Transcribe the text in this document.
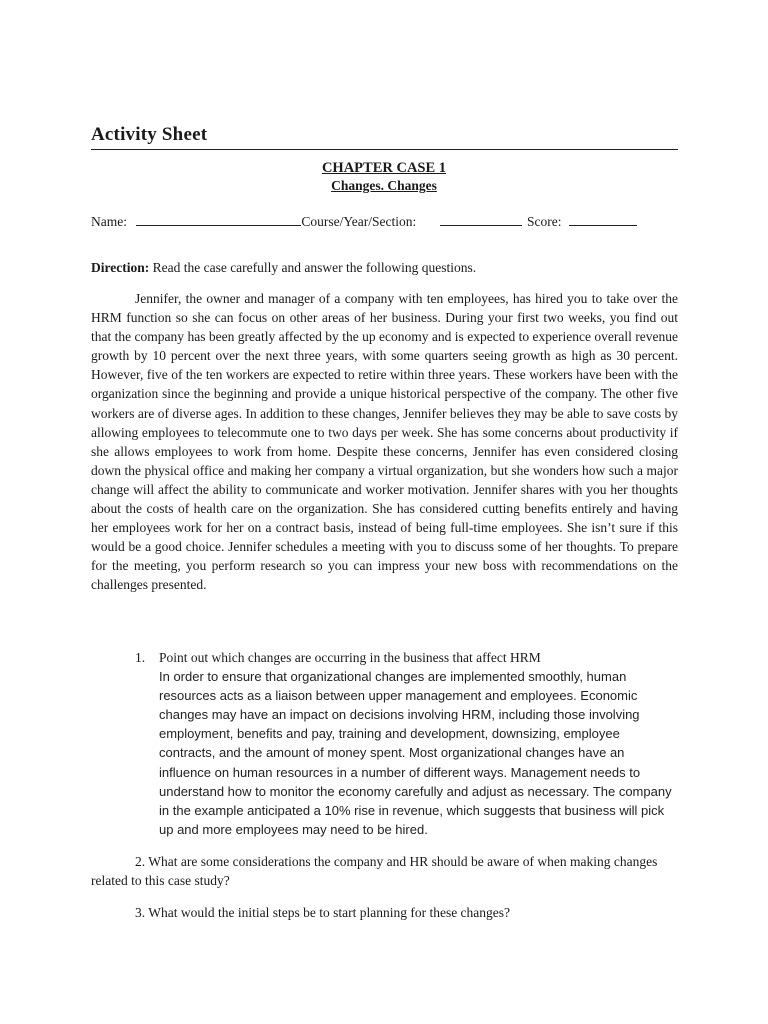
Activity Sheet
CHAPTER CASE 1
Changes. Changes
Name:	Course/Year/Section:	Score:
Direction: Read the case carefully and answer the following questions.

Jennifer, the owner and manager of a company with ten employees, has hired you to take over the HRM function so she can focus on other areas of her business. During your first two weeks, you find out that the company has been greatly affected by the up economy and is expected to experience overall revenue growth by 10 percent over the next three years, with some quarters seeing growth as high as 30 percent. However, five of the ten workers are expected to retire within three years. These workers have been with the organization since the beginning and provide a unique historical perspective of the company. The other five workers are of diverse ages. In addition to these changes, Jennifer believes they may be able to save costs by allowing employees to telecommute one to two days per week. She has some concerns about productivity if she allows employees to work from home. Despite these concerns, Jennifer has even considered closing down the physical office and making her company a virtual organization, but she wonders how such a major change will affect the ability to communicate and worker motivation. Jennifer shares with you her thoughts about the costs of health care on the organization. She has considered cutting benefits entirely and having her employees work for her on a contract basis, instead of being full-time employees. She isn’t sure if this would be a good choice. Jennifer schedules a meeting with you to discuss some of her thoughts. To prepare for the meeting, you perform research so you can impress your new boss with recommendations on the challenges presented.

1. Point out which changes are occurring in the business that affect HRM
In order to ensure that organizational changes are implemented smoothly, human resources acts as a liaison between upper management and employees. Economic changes may have an impact on decisions involving HRM, including those involving employment, benefits and pay, training and development, downsizing, employee contracts, and the amount of money spent. Most organizational changes have an influence on human resources in a number of different ways. Management needs to understand how to monitor the economy carefully and adjust as necessary. The company in the example anticipated a 10% rise in revenue, which suggests that business will pick up and more employees may need to be hired.

2. What are some considerations the company and HR should be aware of when making changes related to this case study?

3. What would the initial steps be to start planning for these changes?
